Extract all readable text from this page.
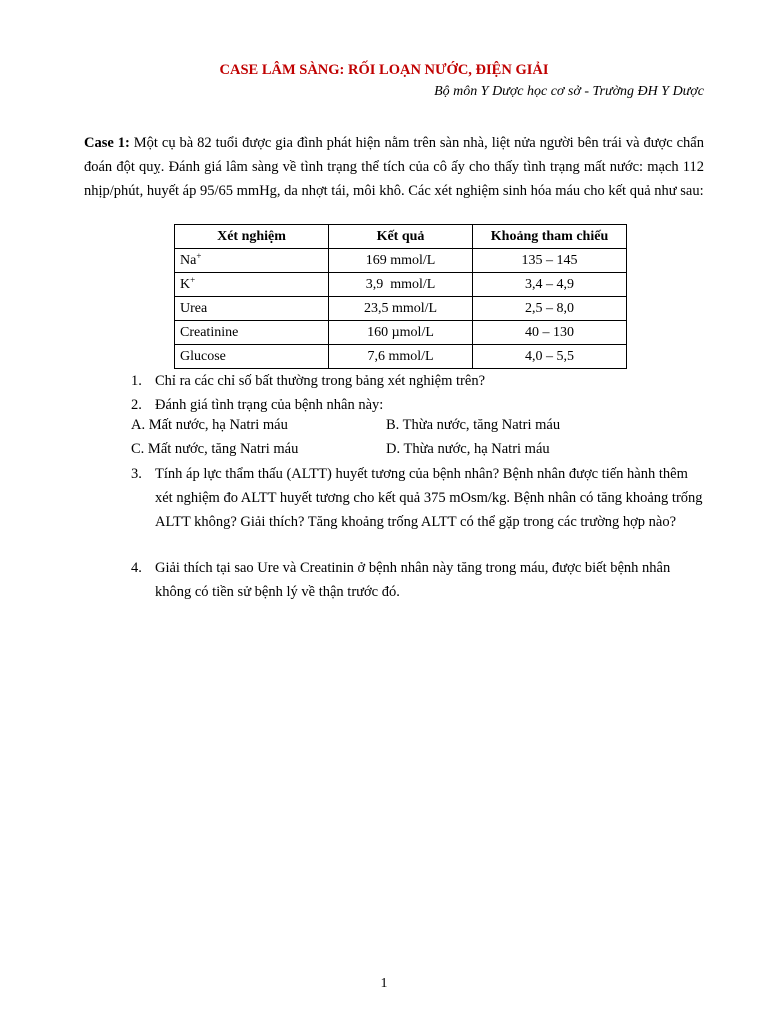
CASE LÂM SÀNG: RỐI LOẠN NƯỚC, ĐIỆN GIẢI
Bộ môn Y Dược học cơ sở - Trường ĐH Y Dược
Case 1: Một cụ bà 82 tuổi được gia đình phát hiện nằm trên sàn nhà, liệt nửa người bên trái và được chẩn đoán đột quỵ. Đánh giá lâm sàng về tình trạng thể tích của cô ấy cho thấy tình trạng mất nước: mạch 112 nhịp/phút, huyết áp 95/65 mmHg, da nhợt tái, môi khô. Các xét nghiệm sinh hóa máu cho kết quả như sau:
Xét nghiệm	Kết quả	Khoảng tham chiếu
Na+	169 mmol/L	135 – 145
K+	3,9  mmol/L	3,4 – 4,9
Urea	23,5 mmol/L	2,5 – 8,0
Creatinine	160 µmol/L	40 – 130
Glucose	7,6 mmol/L	4,0 – 5,5
1. Chỉ ra các chỉ số bất thường trong bảng xét nghiệm trên?
2. Đánh giá tình trạng của bệnh nhân này:
A. Mất nước, hạ Natri máu	B. Thừa nước, tăng Natri máu
C. Mất nước, tăng Natri máu	D. Thừa nước, hạ Natri máu
3. Tính áp lực thẩm thấu (ALTT) huyết tương của bệnh nhân? Bệnh nhân được tiến hành thêm xét nghiệm đo ALTT huyết tương cho kết quả 375 mOsm/kg. Bệnh nhân có tăng khoảng trống ALTT không? Giải thích? Tăng khoảng trống ALTT có thể gặp trong các trường hợp nào?
4. Giải thích tại sao Ure và Creatinin ở bệnh nhân này tăng trong máu, được biết bệnh nhân không có tiền sử bệnh lý về thận trước đó.
1
